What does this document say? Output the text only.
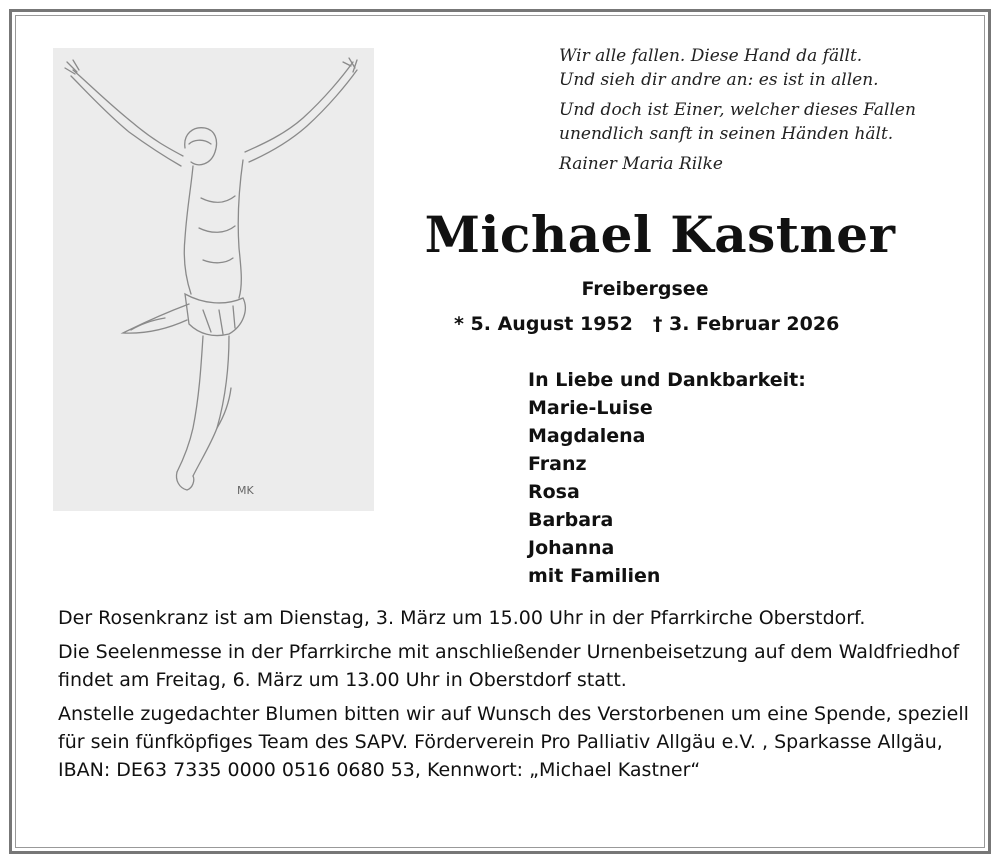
MK

Wir alle fallen. Diese Hand da fällt.

Und sieh dir andre an: es ist in allen.

Und doch ist Einer, welcher dieses Fallen

unendlich sanft in seinen Händen hält.

Rainer Maria Rilke

Michael Kastner
Freibergsee
* 5. August 1952 † 3. Februar 2026
In Liebe und Dankbarkeit:
Marie-Luise
Magdalena
Franz
Rosa
Barbara
Johanna
mit Familien

Der Rosenkranz ist am Dienstag, 3. März um 15.00 Uhr in der Pfarrkirche Oberstdorf.

Die Seelenmesse in der Pfarrkirche mit anschließender Urnenbeisetzung auf dem Waldfriedhof findet am Freitag, 6. März um 13.00 Uhr in Oberstdorf statt.

Anstelle zugedachter Blumen bitten wir auf Wunsch des Verstorbenen um eine Spende, speziell für sein fünfköpfiges Team des SAPV. Förderverein Pro Palliativ Allgäu e.V. , Sparkasse Allgäu, IBAN: DE63 7335 0000 0516 0680 53, Kennwort: „Michael Kastner“
